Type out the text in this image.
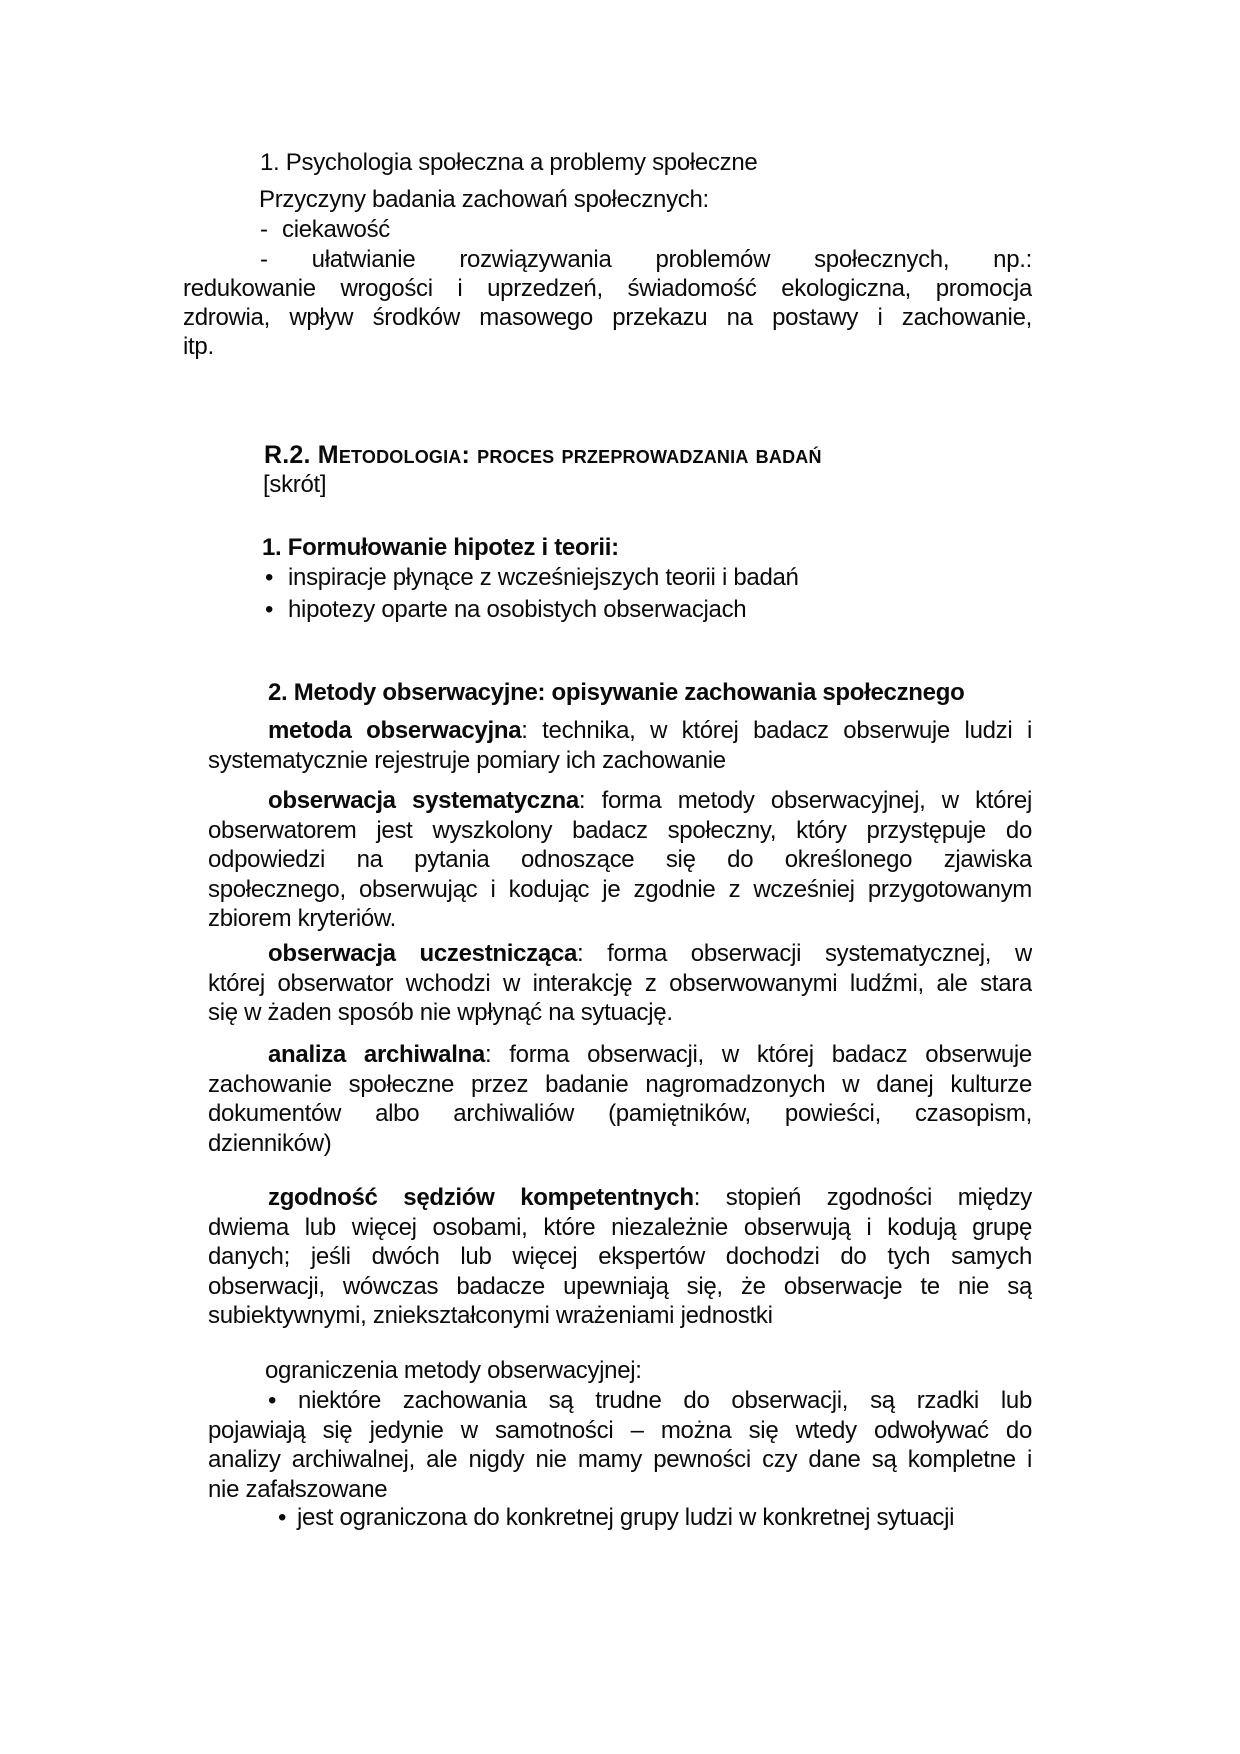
1. Psychologia społeczna a problemy społeczne
Przyczyny badania zachowań społecznych:
- ciekawość
- ułatwianie rozwiązywania problemów społecznych, np.:
redukowanie wrogości i uprzedzeń, świadomość ekologiczna, promocja
zdrowia, wpływ środków masowego przekazu na postawy i zachowanie,
itp.
R.2. Metodologia: proces przeprowadzania badań
[skrót]
1. Formułowanie hipotez i teorii:
• inspiracje płynące z wcześniejszych teorii i badań
• hipotezy oparte na osobistych obserwacjach
2. Metody obserwacyjne: opisywanie zachowania społecznego
metoda obserwacyjna: technika, w której badacz obserwuje ludzi i
systematycznie rejestruje pomiary ich zachowanie
obserwacja systematyczna: forma metody obserwacyjnej, w której
obserwatorem jest wyszkolony badacz społeczny, który przystępuje do
odpowiedzi na pytania odnoszące się do określonego zjawiska
społecznego, obserwując i kodując je zgodnie z wcześniej przygotowanym
zbiorem kryteriów.
obserwacja uczestnicząca: forma obserwacji systematycznej, w
której obserwator wchodzi w interakcję z obserwowanymi ludźmi, ale stara
się w żaden sposób nie wpłynąć na sytuację.
analiza archiwalna: forma obserwacji, w której badacz obserwuje
zachowanie społeczne przez badanie nagromadzonych w danej kulturze
dokumentów albo archiwaliów (pamiętników, powieści, czasopism,
dzienników)
zgodność sędziów kompetentnych: stopień zgodności między
dwiema lub więcej osobami, które niezależnie obserwują i kodują grupę
danych; jeśli dwóch lub więcej ekspertów dochodzi do tych samych
obserwacji, wówczas badacze upewniają się, że obserwacje te nie są
subiektywnymi, zniekształconymi wrażeniami jednostki
ograniczenia metody obserwacyjnej:
• niektóre zachowania są trudne do obserwacji, są rzadki lub
pojawiają się jedynie w samotności – można się wtedy odwoływać do
analizy archiwalnej, ale nigdy nie mamy pewności czy dane są kompletne i
nie zafałszowane
• jest ograniczona do konkretnej grupy ludzi w konkretnej sytuacji
